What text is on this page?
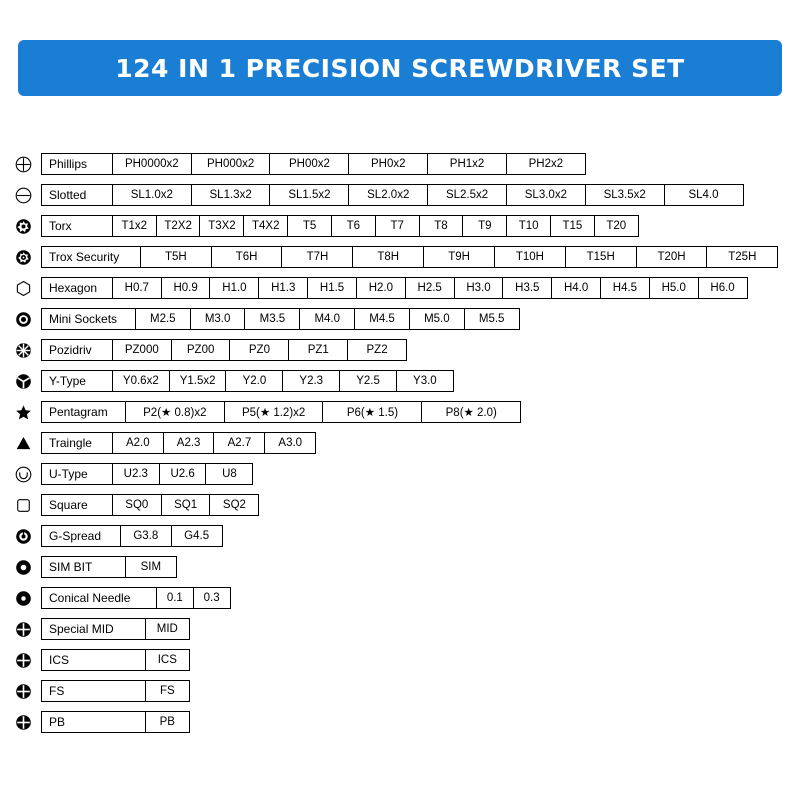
124 IN 1 PRECISION SCREWDRIVER SET
Phillips	PH0000x2	PH000x2	PH00x2	PH0x2	PH1x2	PH2x2
Slotted	SL1.0x2	SL1.3x2	SL1.5x2	SL2.0x2	SL2.5x2	SL3.0x2	SL3.5x2	SL4.0
Torx	T1x2	T2X2	T3X2	T4X2	T5	T6	T7	T8	T9	T10	T15	T20
Trox Security	T5H	T6H	T7H	T8H	T9H	T10H	T15H	T20H	T25H
Hexagon	H0.7	H0.9	H1.0	H1.3	H1.5	H2.0	H2.5	H3.0	H3.5	H4.0	H4.5	H5.0	H6.0
Mini Sockets	M2.5	M3.0	M3.5	M4.0	M4.5	M5.0	M5.5
Pozidriv	PZ000	PZ00	PZ0	PZ1	PZ2
Y-Type	Y0.6x2	Y1.5x2	Y2.0	Y2.3	Y2.5	Y3.0
Pentagram	P2(★ 0.8)x2	P5(★ 1.2)x2	P6(★ 1.5)	P8(★ 2.0)
Traingle	A2.0	A2.3	A2.7	A3.0
U-Type	U2.3	U2.6	U8
Square	SQ0	SQ1	SQ2
G-Spread	G3.8	G4.5
SIM BIT	SIM
Conical Needle	0.1	0.3
Special MID	MID
ICS	ICS
FS	FS
PB	PB
